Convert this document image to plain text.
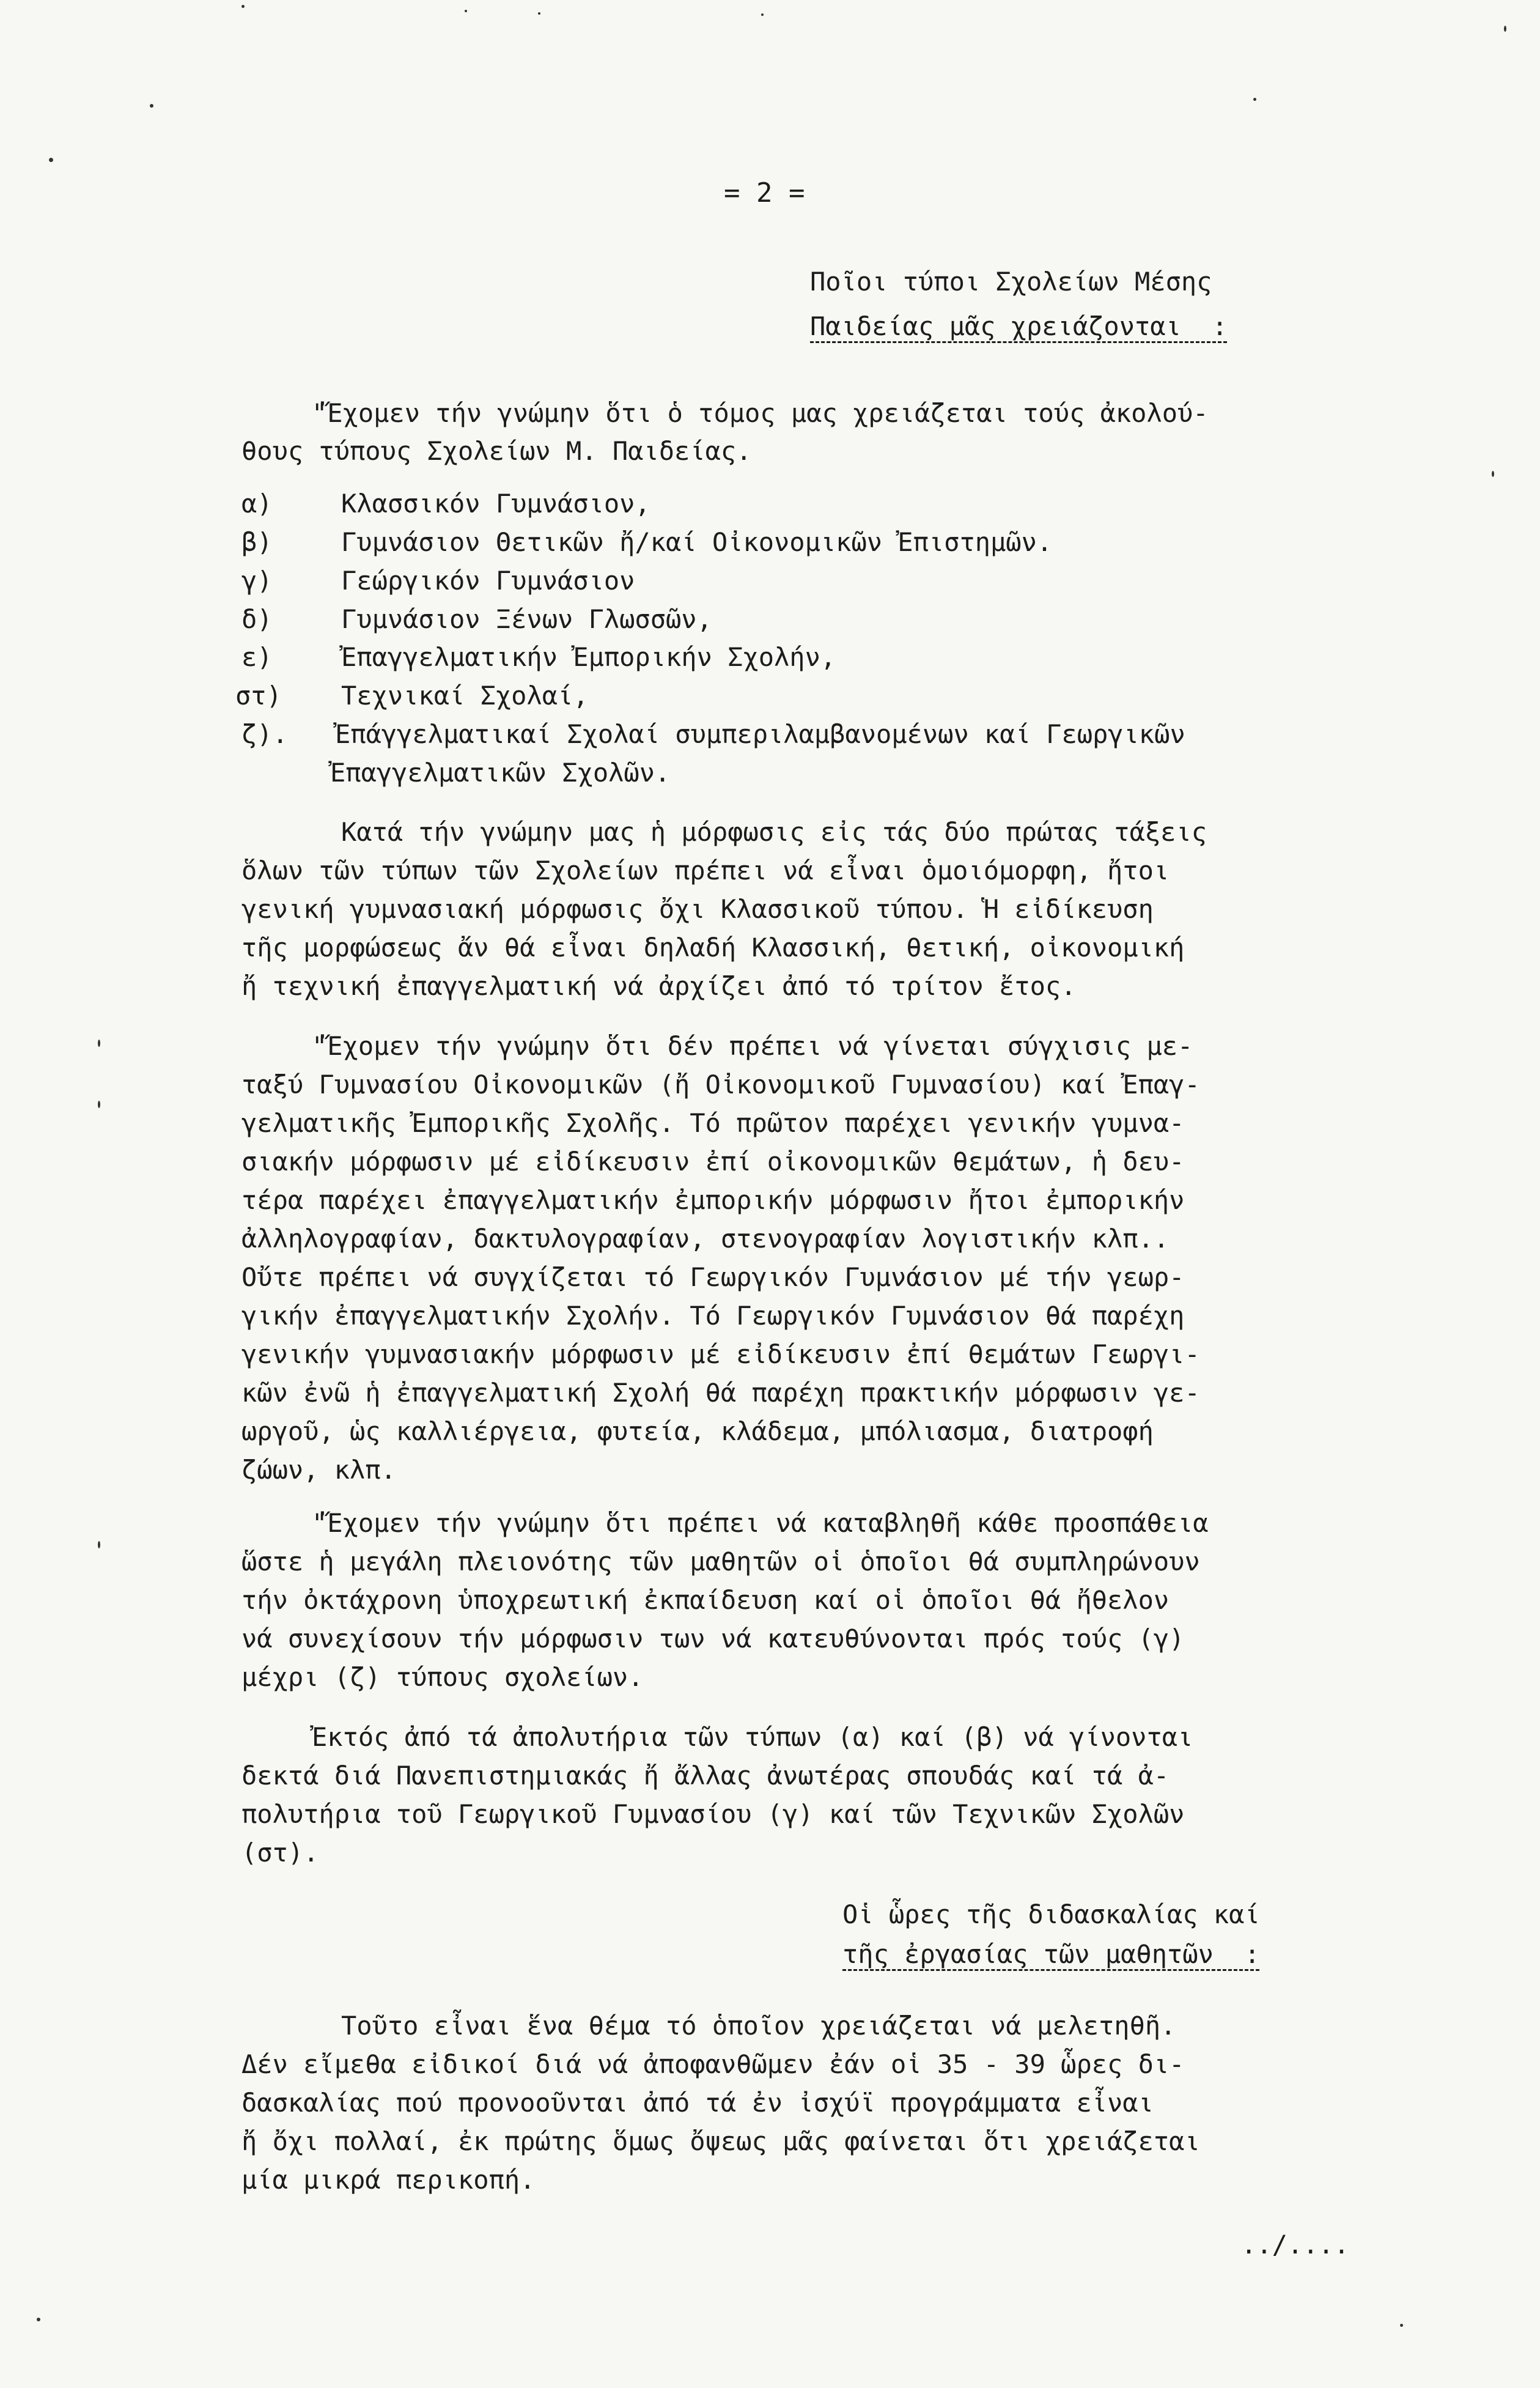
= 2 =
Ποῖοι τύποι Σχολείων Μέσης
Παιδείας μᾶς χρειάζονται  :
"Ἔχομεν τήν γνώμην ὅτι ὁ τόμος μας χρειάζεται τούς ἀκολού-
θους τύπους Σχολείων Μ. Παιδείας.
α)	Κλασσικόν Γυμνάσιον,
β)	Γυμνάσιον Θετικῶν ἤ/καί Οἰκονομικῶν Ἐπιστημῶν.
γ)	Γεώργικόν Γυμνάσιον
δ)	Γυμνάσιον Ξένων Γλωσσῶν,
ε)	Ἐπαγγελματικήν Ἐμπορικήν Σχολήν,
στ) Τεχνικαί Σχολαί,
ζ). Ἐπάγγελματικαί Σχολαί συμπεριλαμβανομένων καί Γεωργικῶν
Ἐπαγγελματικῶν Σχολῶν.
Κατά τήν γνώμην μας ἡ μόρφωσις εἰς τάς δύο πρώτας τάξεις
ὅλων τῶν τύπων τῶν Σχολείων πρέπει νά εἶναι ὁμοιόμορφη, ἤτοι
γενική γυμνασιακή μόρφωσις ὄχι Κλασσικοῦ τύπου. Ἡ εἰδίκευση
τῆς μορφώσεως ἄν θά εἶναι δηλαδή Κλασσική, θετική, οἰκονομική
ἤ τεχνική ἐπαγγελματική νά ἀρχίζει ἀπό τό τρίτον ἔτος.
"Ἔχομεν τήν γνώμην ὅτι δέν πρέπει νά γίνεται σύγχισις με-
ταξύ Γυμνασίου Οἰκονομικῶν (ἤ Οἰκονομικοῦ Γυμνασίου) καί Ἐπαγ-
γελματικῆς Ἐμπορικῆς Σχολῆς. Τό πρῶτον παρέχει γενικήν γυμνα-
σιακήν μόρφωσιν μέ εἰδίκευσιν ἐπί οἰκονομικῶν θεμάτων, ἡ δευ-
τέρα παρέχει ἐπαγγελματικήν ἐμπορικήν μόρφωσιν ἤτοι ἐμπορικήν
ἀλληλογραφίαν, δακτυλογραφίαν, στενογραφίαν λογιστικήν κλπ..
Οὔτε πρέπει νά συγχίζεται τό Γεωργικόν Γυμνάσιον μέ τήν γεωρ-
γικήν ἐπαγγελματικήν Σχολήν. Τό Γεωργικόν Γυμνάσιον θά παρέχη
γενικήν γυμνασιακήν μόρφωσιν μέ εἰδίκευσιν ἐπί θεμάτων Γεωργι-
κῶν ἐνῶ ἡ ἐπαγγελματική Σχολή θά παρέχη πρακτικήν μόρφωσιν γε-
ωργοῦ, ὡς καλλιέργεια, φυτεία, κλάδεμα, μπόλιασμα, διατροφή
ζώων, κλπ.
"Ἔχομεν τήν γνώμην ὅτι πρέπει νά καταβληθῆ κάθε προσπάθεια
ὥστε ἡ μεγάλη πλειονότης τῶν μαθητῶν οἱ ὁποῖοι θά συμπληρώνουν
τήν ὀκτάχρονη ὑποχρεωτική ἐκπαίδευση καί οἱ ὁποῖοι θά ἤθελον
νά συνεχίσουν τήν μόρφωσιν των νά κατευθύνονται πρός τούς (γ)
μέχρι (ζ) τύπους σχολείων.
Ἐκτός ἀπό τά ἀπολυτήρια τῶν τύπων (α) καί (β) νά γίνονται
δεκτά διά Πανεπιστημιακάς ἤ ἄλλας ἀνωτέρας σπουδάς καί τά ἀ-
πολυτήρια τοῦ Γεωργικοῦ Γυμνασίου (γ) καί τῶν Τεχνικῶν Σχολῶν
(στ).
Οἱ ὧρες τῆς διδασκαλίας καί
τῆς ἐργασίας τῶν μαθητῶν  :
Τοῦτο εἶναι ἕνα θέμα τό ὁποῖον χρειάζεται νά μελετηθῆ.
Δέν εἴμεθα εἰδικοί διά νά ἀποφανθῶμεν ἐάν οἱ 35 - 39 ὧρες δι-
δασκαλίας πού προνοοῦνται ἀπό τά ἐν ἰσχύϊ προγράμματα εἶναι
ἤ ὄχι πολλαί, ἐκ πρώτης ὅμως ὄψεως μᾶς φαίνεται ὅτι χρειάζεται
μία μικρά περικοπή.
../....
